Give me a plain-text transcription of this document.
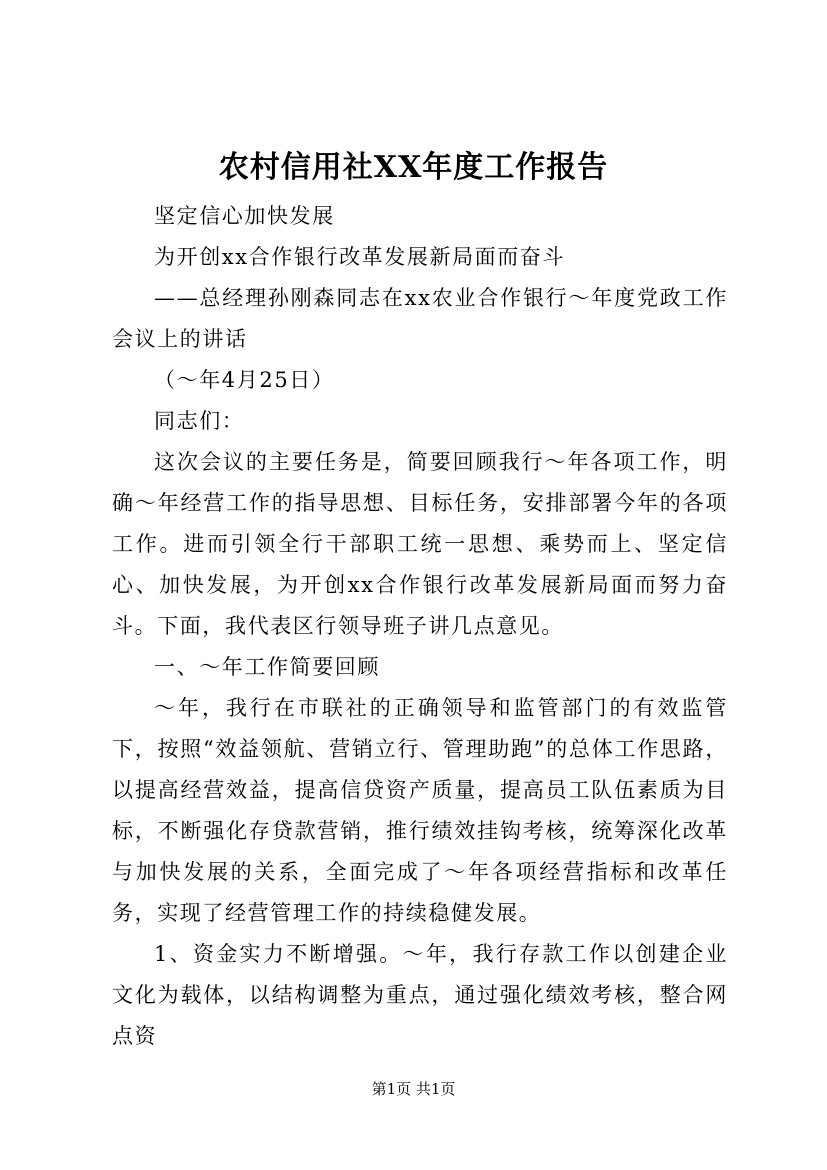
农村信用社XX年度工作报告

坚定信心加快发展

为开创xx合作银行改革发展新局面而奋斗

——总经理孙刚森同志在xx农业合作银行～年度党政工作会议上的讲话

（～年4月25日）

同志们：

这次会议的主要任务是，简要回顾我行～年各项工作，明确～年经营工作的指导思想、目标任务，安排部署今年的各项工作。进而引领全行干部职工统一思想、乘势而上、坚定信心、加快发展，为开创xx合作银行改革发展新局面而努力奋斗。下面，我代表区行领导班子讲几点意见。

一、～年工作简要回顾

～年，我行在市联社的正确领导和监管部门的有效监管下，按照“效益领航、营销立行、管理助跑”的总体工作思路，以提高经营效益，提高信贷资产质量，提高员工队伍素质为目标，不断强化存贷款营销，推行绩效挂钩考核，统筹深化改革与加快发展的关系，全面完成了～年各项经营指标和改革任务，实现了经营管理工作的持续稳健发展。

1、资金实力不断增强。～年，我行存款工作以创建企业文化为载体，以结构调整为重点，通过强化绩效考核，整合网点资

第1页 共1页
